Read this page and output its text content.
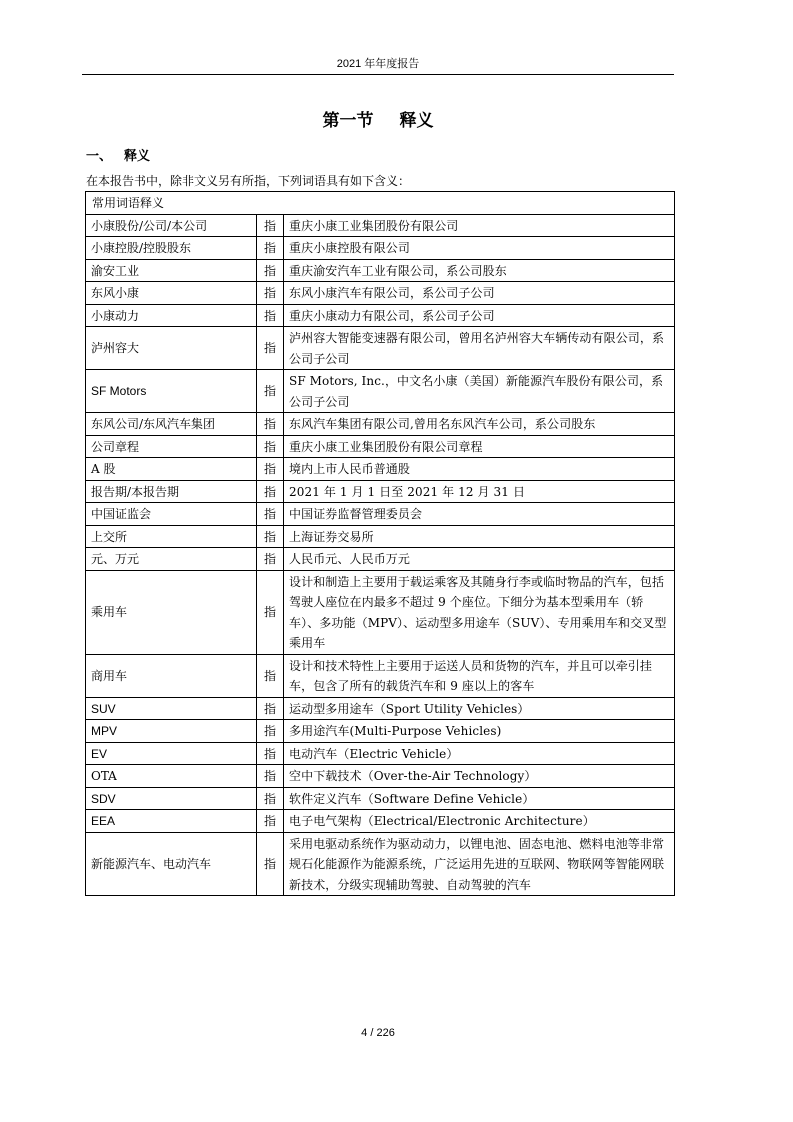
2021 年年度报告
第一节 释义
一、 释义
在本报告书中，除非文义另有所指，下列词语具有如下含义：
常用词语释义		
小康股份/公司/本公司	指	重庆小康工业集团股份有限公司
小康控股/控股股东	指	重庆小康控股有限公司
渝安工业	指	重庆渝安汽车工业有限公司，系公司股东
东风小康	指	东风小康汽车有限公司，系公司子公司
小康动力	指	重庆小康动力有限公司，系公司子公司
泸州容大	指	泸州容大智能变速器有限公司，曾用名泸州容大车辆传动有限公司，系公司子公司
SF Motors	指	SF Motors, Inc.，中文名小康（美国）新能源汽车股份有限公司，系公司子公司
东风公司/东风汽车集团	指	东风汽车集团有限公司,曾用名东风汽车公司，系公司股东
公司章程	指	重庆小康工业集团股份有限公司章程
A 股	指	境内上市人民币普通股
报告期/本报告期	指	2021 年 1 月 1 日至 2021 年 12 月 31 日
中国证监会	指	中国证券监督管理委员会
上交所	指	上海证券交易所
元、万元	指	人民币元、人民币万元
乘用车	指	设计和制造上主要用于载运乘客及其随身行李或临时物品的汽车，包括驾驶人座位在内最多不超过 9 个座位。下细分为基本型乘用车（轿车）、多功能（MPV）、运动型多用途车（SUV）、专用乘用车和交叉型乘用车
商用车	指	设计和技术特性上主要用于运送人员和货物的汽车，并且可以牵引挂车，包含了所有的载货汽车和 9 座以上的客车
SUV	指	运动型多用途车（Sport Utility Vehicles）
MPV	指	多用途汽车(Multi-Purpose Vehicles)
EV	指	电动汽车（Electric Vehicle）
OTA	指	空中下载技术（Over-the-Air Technology）
SDV	指	软件定义汽车（Software Define Vehicle）
EEA	指	电子电气架构（Electrical/Electronic Architecture）
新能源汽车、电动汽车	指	采用电驱动系统作为驱动动力，以锂电池、固态电池、燃料电池等非常规石化能源作为能源系统，广泛运用先进的互联网、物联网等智能网联新技术，分级实现辅助驾驶、自动驾驶的汽车
4 / 226
